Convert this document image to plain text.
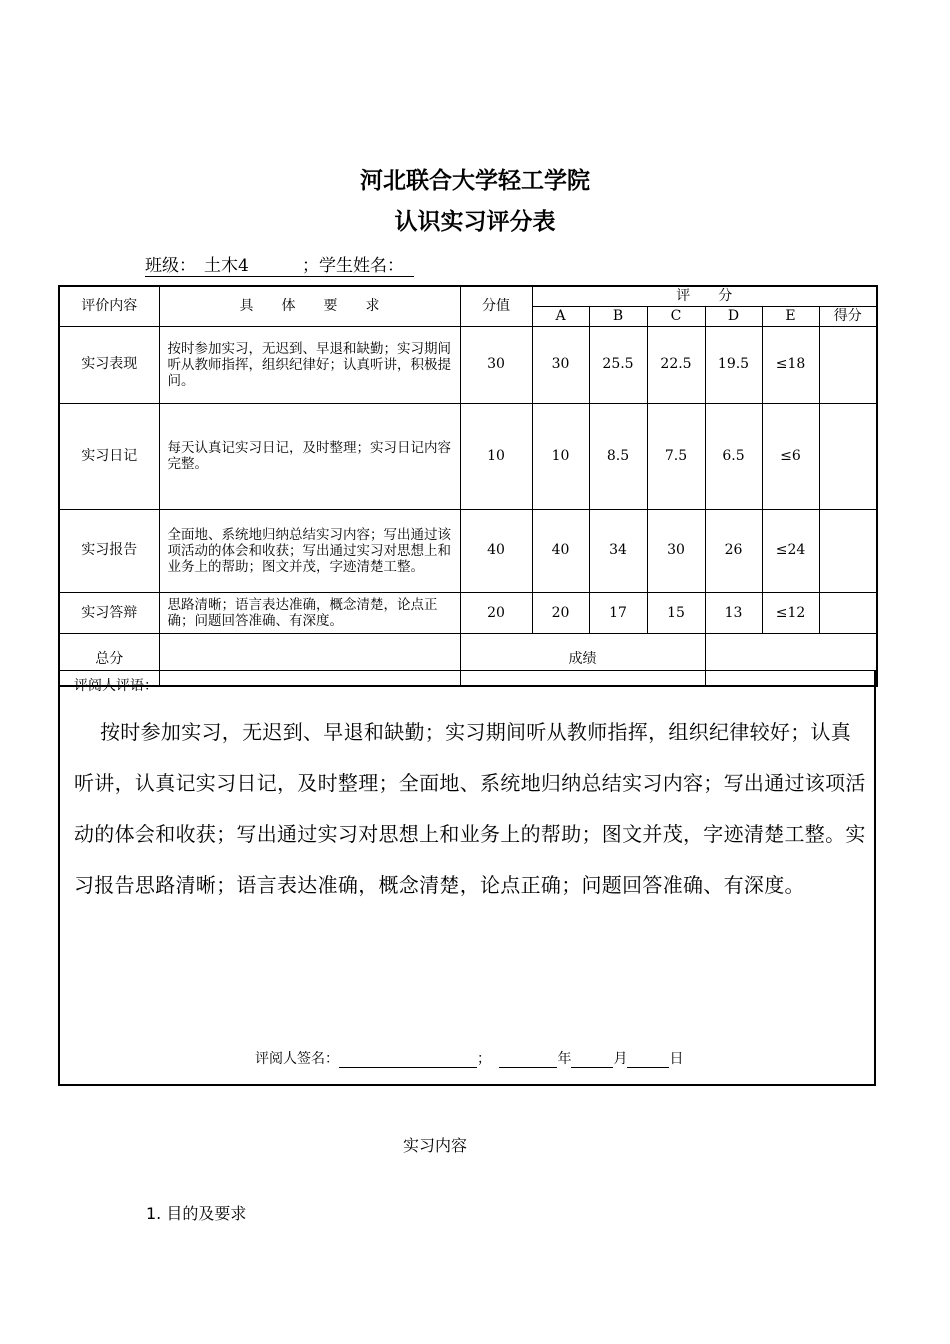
河北联合大学轻工学院
认识实习评分表
班级： 土木4	；学生姓名：
评价内容	具　　体　　要　　求	分值	评　　分					
			A	B	C	D	E	得分
实习表现	按时参加实习，无迟到、早退和缺勤；实习期间听从教师指挥，组织纪律好；认真听讲，积极提问。	30	30	25.5	22.5	19.5	≤18	
实习日记	每天认真记实习日记，及时整理；实习日记内容完整。	10	10	8.5	7.5	6.5	≤6	
实习报告	全面地、系统地归纳总结实习内容；写出通过该项活动的体会和收获；写出通过实习对思想上和业务上的帮助；图文并茂，字迹清楚工整。	40	40	34	30	26	≤24	
实习答辩	思路清晰；语言表达准确，概念清楚，论点正确；问题回答准确、有深度。	20	20	17	15	13	≤12	
总分		成绩						
评阅人评语：
按时参加实习，无迟到、早退和缺勤；实习期间听从教师指挥，组织纪律较好；认真听讲，认真记实习日记，及时整理；全面地、系统地归纳总结实习内容；写出通过该项活动的体会和收获；写出通过实习对思想上和业务上的帮助；图文并茂，字迹清楚工整。实习报告思路清晰；语言表达准确，概念清楚，论点正确；问题回答准确、有深度。
评阅人签名：	；	年	月	日
实习内容
1. 目的及要求
